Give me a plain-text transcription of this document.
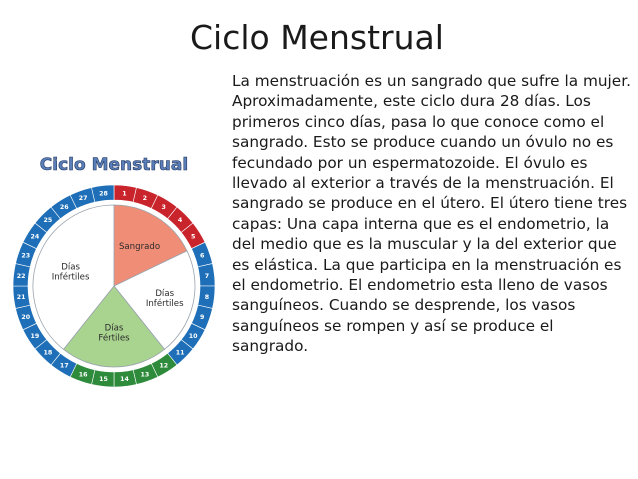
Ciclo Menstrual

La menstruación es un sangrado que sufre la mujer. Aproximadamente, este ciclo dura 28 días. Los primeros cinco días, pasa lo que conoce como el sangrado. Esto se produce cuando un óvulo no es fecundado por un espermatozoide. El óvulo es llevado al exterior a través de la menstruación. El sangrado se produce en el útero. El útero tiene tres capas: Una capa interna que es el endometrio, la del medio que es la muscular y la del exterior que es elástica. La que participa en la menstruación es el endometrio. El endometrio esta lleno de vasos sanguíneos. Cuando se desprende, los vasos sanguíneos se rompen y así se produce el sangrado.

Ciclo Menstrual
1
2
3
4
5
6
7
8
9
10
11
12
13
14
15
16
17
18
19
20
21
22
23
24
25
26
27
28
Sangrado
Días
Infértiles
Días
Fértiles
Días
Infértiles
